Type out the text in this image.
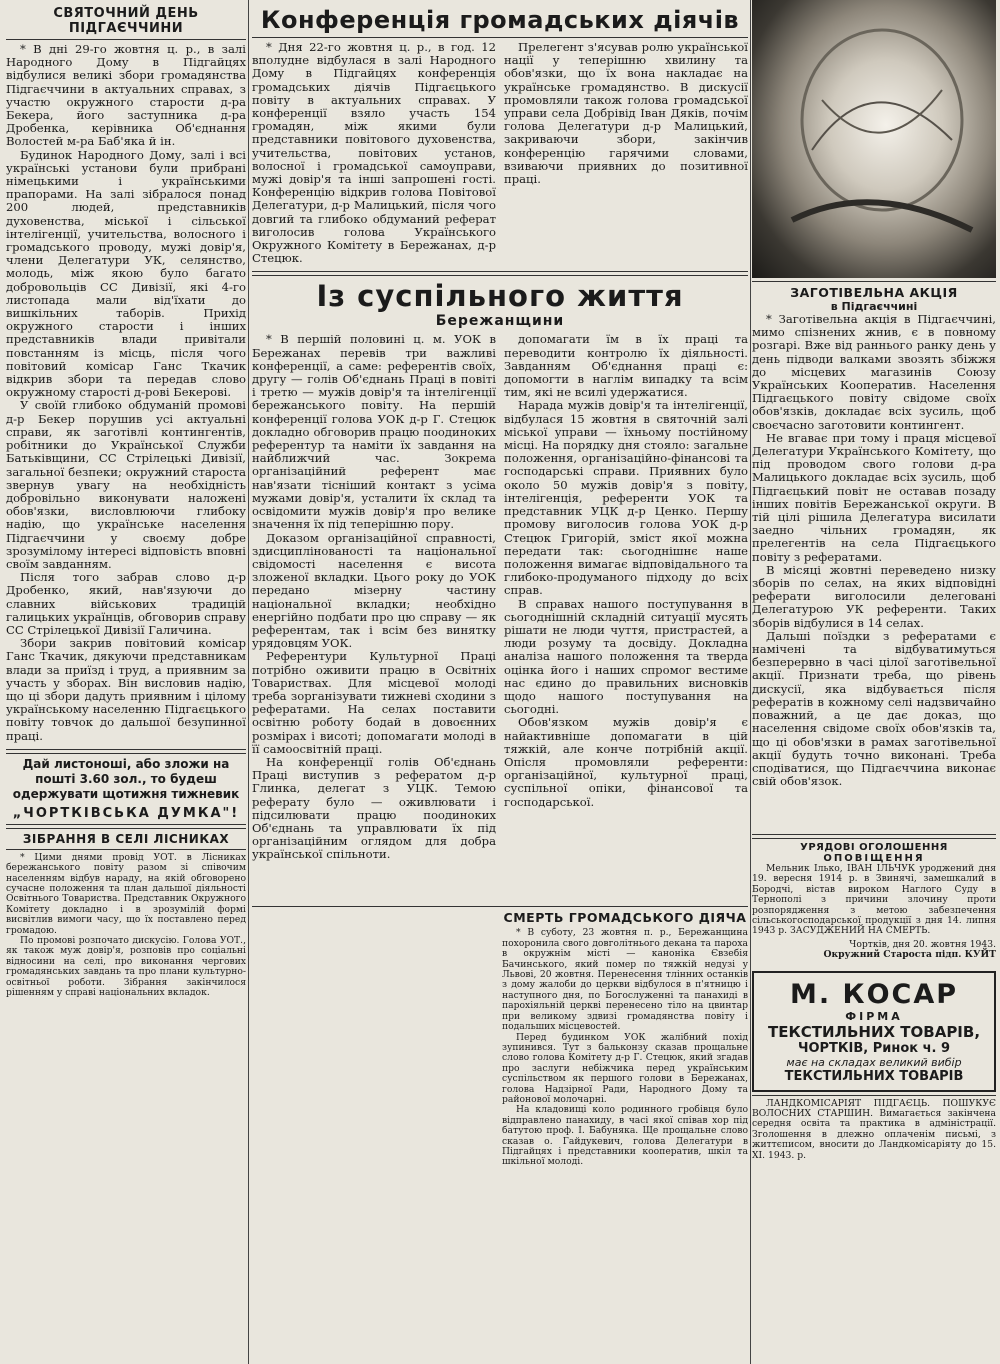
СВЯТОЧНИЙ ДЕНЬ ПІДГАЄЧЧИНИ

* В дні 29-го жовтня ц. р., в залі Народного Дому в Підгайцях відбулися великі збори громадянства Підгаєччини в актуальних справах, з участю окружного старости д-ра Бекера, його заступника д-ра Дробенка, керівника Об'єднання Волостей м-ра Баб'яка й ін.

Будинок Народного Дому, залі і всі українські установи були прибрані німецькими і українськими прапорами. На залі зібралося понад 200 людей, представників духовенства, міської і сільської інтелігенції, учительства, волосного і громадського проводу, мужі довір'я, члени Делегатури УК, селянство, молодь, між якою було багато добровольців СС Дивізії, які 4-го листопада мали від'їхати до вишкільних таборів. Прихід окружного старости і інших представників влади привітали повстанням із місць, після чого повітовий комісар Ганс Ткачик відкрив збори та передав слово окружному старості д-рові Бекерові.

У своїй глибоко обдуманій промові д-р Бекер порушив усі актуальні справи, як заготівлі контингентів, робітники до Української Служби Батьківщини, СС Стрілецькі Дивізії, загальної безпеки; окружний староста звернув увагу на необхідність добровільно виконувати наложені обов'язки, висловлюючи глибоку надію, що українське населення Підгаєччини у своєму добре зрозумілому інтересі відповість вповні своїм завданням.

Після того забрав слово д-р Дробенко, який, нав'язуючи до славних військових традицій галицьких українців, обговорив справу СС Стрілецької Дивізії Галичина.

Збори закрив повітовий комісар Ганс Ткачик, дякуючи представникам влади за приїзд і труд, а приявним за участь у зборах. Він висловив надію, що ці збори дадуть приявним і цілому українському населенню Підгаєцького повіту товчок до дальшої безупинної праці.

Дай листоноші, або зложи на пошті 3.60 зол., то будеш одержувати щотижня тижневик
„ЧОРТКІВСЬКА ДУМКА"!
ЗІБРАННЯ В СЕЛІ ЛІСНИКАХ

* Цими днями провід УОТ. в Лісниках бережанського повіту разом зі співочим населенням відбув нараду, на якій обговорено сучасне положення та план дальшої діяльності Освітнього Товариства. Представник Окружного Комітету докладно і в зрозумілій формі висвітлив вимоги часу, що їх поставлено перед громадою.

По промові розпочато дискусію. Голова УОТ., як також муж довір'я, розповів про соціальні відносини на селі, про виконання чергових громадянських завдань та про плани культурно-освітньої роботи. Зібрання закінчилося рішенням у справі національних вкладок.

Конференція громадських діячів

* Дня 22-го жовтня ц. р., в год. 12 вполудне відбулася в залі Народного Дому в Підгайцях конференція громадських діячів Підгаєцького повіту в актуальних справах. У конференції взяло участь 154 громадян, між якими були представники повітового духовенства, учительства, повітових установ, волосної і громадської самоуправи, мужі довір'я та інші запрошені гості. Конференцію відкрив голова Повітової Делегатури, д-р Малицький, після чого довгий та глибоко обдуманий реферат виголосив голова Українського Окружного Комітету в Бережанах, д-р Стецюк.

Прелегент з'ясував ролю української нації у теперішню хвилину та обов'язки, що їх вона накладає на українське громадянство. В дискусії промовляли також голова громадської управи села Добрівід Іван Дяків, почім голова Делегатури д-р Малицький, закриваючи збори, закінчив конференцію гарячими словами, взиваючи приявних до позитивної праці.

Із суспільного життя
Бережанщини

* В першій половині ц. м. УОК в Бережанах перевів три важливі конференції, а саме: референтів своїх, другу — голів Об'єднань Праці в повіті і третю — мужів довір'я та інтелігенції бережанського повіту. На першій конференції голова УОК д-р Г. Стецюк докладно обговорив працю поодиноких референтур та наміти їх завдання на найближчий час. Зокрема організаційний референт має нав'язати тісніший контакт з усіма мужами довір'я, усталити їх склад та освідомити мужів довір'я про велике значення їх під теперішню пору.

Доказом організаційної справності, здисциплінованості та національної свідомості населення є висота зложеної вкладки. Цього року до УОК передано мізерну частину національної вкладки; необхідно енергійно подбати про цю справу — як референтам, так і всім без винятку урядовцям УОК.

Референтури Культурної Праці потрібно оживити працю в Освітніх Товариствах. Для місцевої молоді треба зорганізувати тижневі сходини з рефератами. На селах поставити освітню роботу бодай в довоєнних розмірах і висоті; допомагати молоді в її самоосвітній праці.

На конференції голів Об'єднань Праці виступив з рефератом д-р Глинка, делегат з УЦК. Темою реферату було — оживлювати і підсилювати працю поодиноких Об'єднань та управлювати їх під організаційним оглядом для добра української спільноти.

допомагати їм в їх праці та переводити контролю їх діяльності. Завданням Об'єднання праці є: допомогти в наглім випадку та всім тим, які не всилі удержатися.

Нарада мужів довір'я та інтелігенції, відбулася 15 жовтня в святочній залі міської управи — їхньому постійному місці. На порядку дня стояло: загальне положення, організаційно-фінансові та господарські справи. Приявних було около 50 мужів довір'я з повіту, інтелігенція, референти УОК та представник УЦК д-р Ценко. Першу промову виголосив голова УОК д-р Стецюк Григорій, зміст якої можна передати так: сьогоднішнє наше положення вимагає відповідального та глибоко-продуманого підходу до всіх справ.

В справах нашого поступування в сьогоднішній складній ситуації мусять рішати не люди чуття, пристрастей, а люди розуму та досвіду. Докладна аналіза нашого положення та тверда оцінка його і наших спромог вестиме нас єдино до правильних висновків щодо нашого поступування на сьогодні.

Обов'язком мужів довір'я є найактивніше допомагати в цій тяжкій, але конче потрібній акції. Опісля промовляли референти: організаційної, культурної праці, суспільної опіки, фінансової та господарської.

СМЕРТЬ ГРОМАДСЬКОГО ДІЯЧА

* В суботу, 23 жовтня п. р., Бережанщина похоронила свого довголітнього декана та пароха в окружнім місті — каноніка Євзебія Бачинського, який помер по тяжкій недузі у Львові, 20 жовтня. Перенесення тлінних останків з дому жалоби до церкви відбулося в п'ятницю і наступного дня, по Богослуженні та панахиді в парохіяльній церкві перенесено тіло на цвинтар при великому здвизі громадянства повіту і подальших місцевостей.

Перед будинком УОК жалібний похід зупинився. Тут з бальконзу сказав прощальне слово голова Комітету д-р Г. Стецюк, який згадав про заслуги небіжчика перед українським суспільством як першого голови в Бережанах, голова Надзірної Ради, Народного Дому та районової молочарні.

На кладовищі коло родинного гробівця було відправлено панахиду, в часі якої співав хор під батутою проф. І. Бабуняка. Ще прощальне слово сказав о. Гайдукевич, голова Делегатури в Підгайцях і представники кооператив, шкіл та шкільної молоді.

ЗАГОТІВЕЛЬНА АКЦІЯ
в Підгаєччині

* Заготівельна акція в Підгаєччині, мимо спізнених жнив, є в повному розгарі. Вже від раннього ранку день у день підводи валками звозять збіжжя до місцевих магазинів Союзу Українських Кооператив. Населення Підгаєцького повіту свідоме своїх обов'язків, докладає всіх зусиль, щоб своєчасно заготовити контингент.

Не вгаває при тому і праця місцевої Делегатури Українського Комітету, що під проводом свого голови д-ра Малицького докладає всіх зусиль, щоб Підгаєцький повіт не оставав позаду інших повітів Бережанської округи. В тій цілі рішила Делегатура висилати заедно чільних громадян, як прелегентів на села Підгаєцького повіту з рефератами.

В місяці жовтні переведено низку зборів по селах, на яких відповідні реферати виголосили делеговані Делегатурою УК референти. Таких зборів відбулися в 14 селах.

Дальші поїздки з рефератами є намічені та відбуватимуться безперервно в часі цілої заготівельної акції. Признати треба, що рівень дискусії, яка відбувається після рефератів в кожному селі надзвичайно поважний, а це дає доказ, що населення свідоме своїх обов'язків та, що ці обов'язки в рамах заготівельної акції будуть точно виконані. Треба сподіватися, що Підгаєччина виконає свій обов'язок.

УРЯДОВІ ОГОЛОШЕННЯ
ОПОВІЩЕННЯ

Мельник Ілько, ІВАН ІЛЬЧУК уроджений дня 19. вересня 1914 р. в Звинячі, замешкалий в Бородчі, вістав вироком Наглого Суду в Тернополі з причини злочину проти розпорядження з метою забезпечення сільськогосподарської продукції з дня 14. липня 1943 р. ЗАСУДЖЕНИЙ НА СМЕРТЬ.

Чортків, дня 20. жовтня 1943.
Окружний Староста підп. КУЙТ
М. КОСАР
ФІРМА
ТЕКСТИЛЬНИХ ТОВАРІВ,
ЧОРТКІВ, Ринок ч. 9
має на складах великий вибір
ТЕКСТИЛЬНИХ ТОВАРІВ

ЛАНДКОМІСАРІЯТ ПІДГАЄЦЬ. ПОШУКУЄ ВОЛОСНИХ СТАРШИН. Вимагається закінчена середня освіта та практика в адміністрації. Зголошення в длежно оплаченім письмі, з життєписом, вносити до Ландкомісаріяту до 15. XI. 1943. р.
